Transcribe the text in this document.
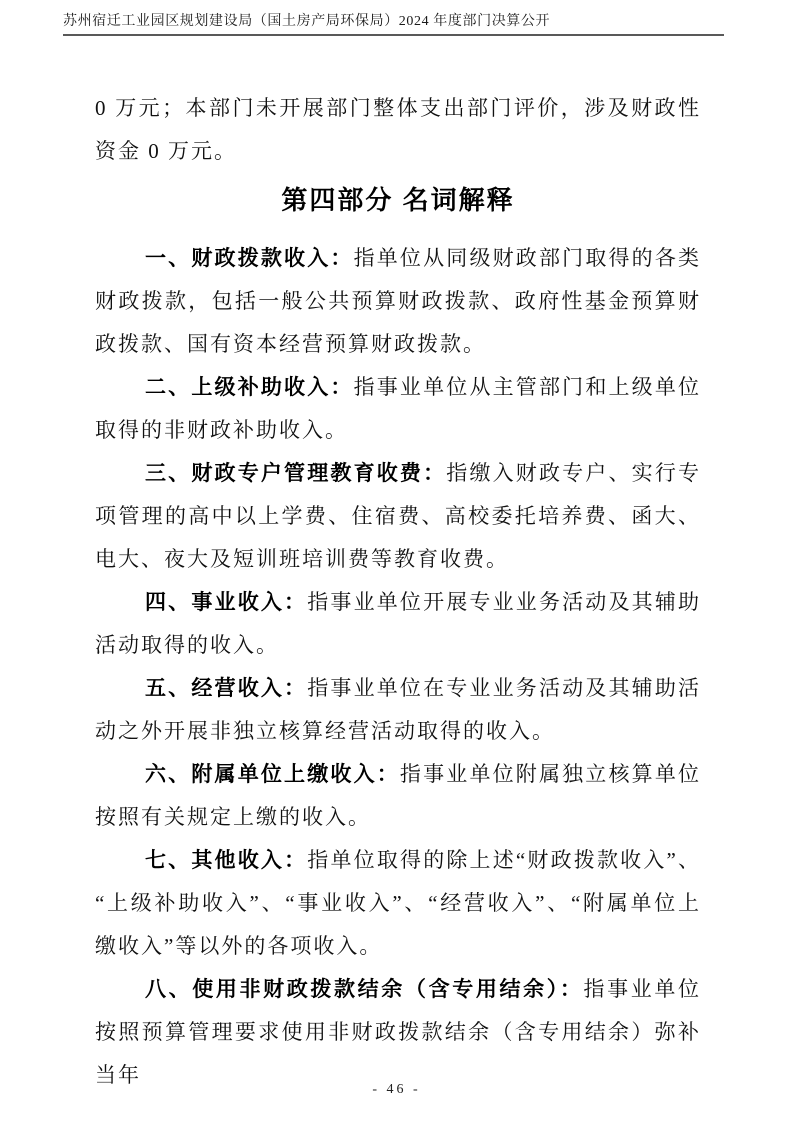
苏州宿迁工业园区规划建设局（国土房产局环保局）2024 年度部门决算公开

0 万元；本部门未开展部门整体支出部门评价，涉及财政性资金 0 万元。

第四部分 名词解释

一、财政拨款收入：指单位从同级财政部门取得的各类财政拨款，包括一般公共预算财政拨款、政府性基金预算财政拨款、国有资本经营预算财政拨款。

二、上级补助收入：指事业单位从主管部门和上级单位取得的非财政补助收入。

三、财政专户管理教育收费：指缴入财政专户、实行专项管理的高中以上学费、住宿费、高校委托培养费、函大、电大、夜大及短训班培训费等教育收费。

四、事业收入：指事业单位开展专业业务活动及其辅助活动取得的收入。

五、经营收入：指事业单位在专业业务活动及其辅助活动之外开展非独立核算经营活动取得的收入。

六、附属单位上缴收入：指事业单位附属独立核算单位按照有关规定上缴的收入。

七、其他收入：指单位取得的除上述“财政拨款收入”、“上级补助收入”、“事业收入”、“经营收入”、“附属单位上缴收入”等以外的各项收入。

八、使用非财政拨款结余（含专用结余）：指事业单位按照预算管理要求使用非财政拨款结余（含专用结余）弥补当年

- 46 -
